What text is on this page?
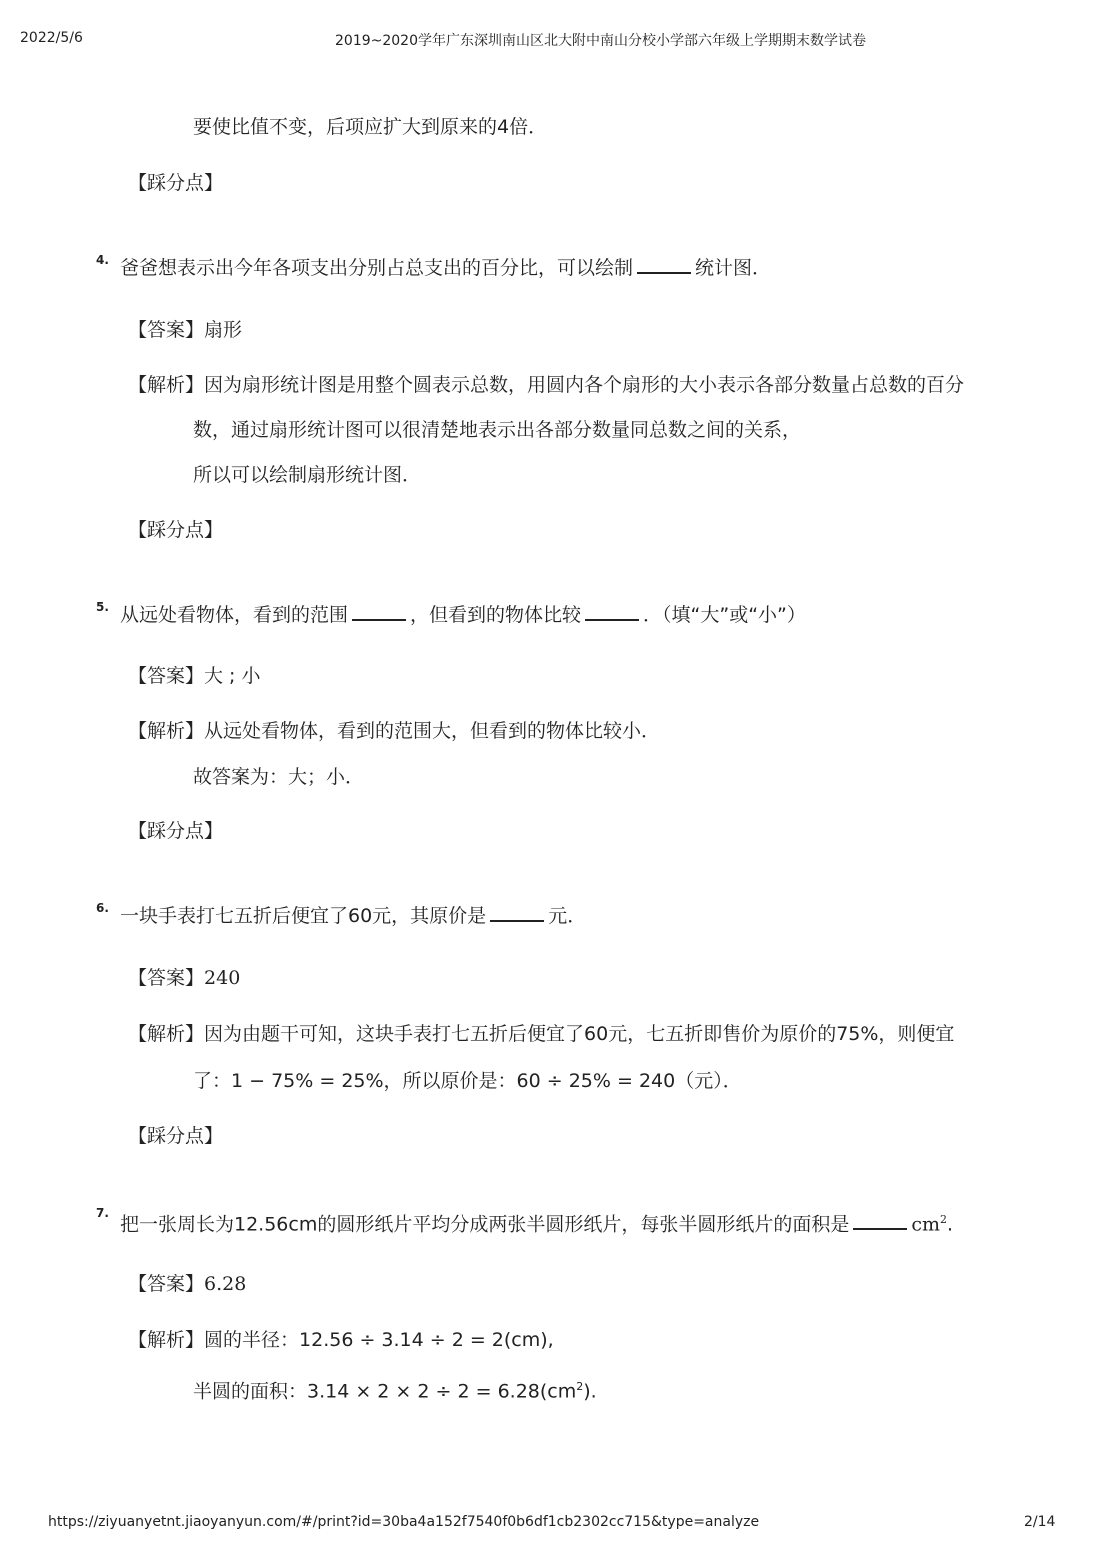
2022/5/6	2019~2020学年广东深圳南山区北大附中南山分校小学部六年级上学期期末数学试卷
要使比值不变，后项应扩大到原来的4倍．
【踩分点】
4. 爸爸想表示出今年各项支出分别占总支出的百分比，可以绘制	统计图．
【答案】扇形
【解析】因为扇形统计图是用整个圆表示总数，用圆内各个扇形的大小表示各部分数量占总数的百分
数，通过扇形统计图可以很清楚地表示出各部分数量同总数之间的关系，
所以可以绘制扇形统计图．
【踩分点】
5. 从远处看物体，看到的范围	，但看到的物体比较	．（填“大”或“小”）
【答案】大 ; 小
【解析】从远处看物体，看到的范围大，但看到的物体比较小．
故答案为：大；小．
【踩分点】
6. 一块手表打七五折后便宜了60元，其原价是	元．
【答案】240
【解析】因为由题干可知，这块手表打七五折后便宜了60元，七五折即售价为原价的75%，则便宜
了：1 − 75% = 25%，所以原价是：60 ÷ 25% = 240（元）．
【踩分点】
7.
把一张周长为12.56cm的圆形纸片平均分成两张半圆形纸片，每张半圆形纸片的面积是	$cm^2$.
【答案】6.28
【解析】圆的半径：12.56 ÷ 3.14 ÷ 2 = 2(cm),
半圆的面积：$3.14 \times 2 \times 2 \div 2 = 6.28(cm^2)$.
https://ziyuanyetnt.jiaoyanyun.com/#/print?id=30ba4a152f7540f0b6df1cb2302cc715&type=analyze	2/14
